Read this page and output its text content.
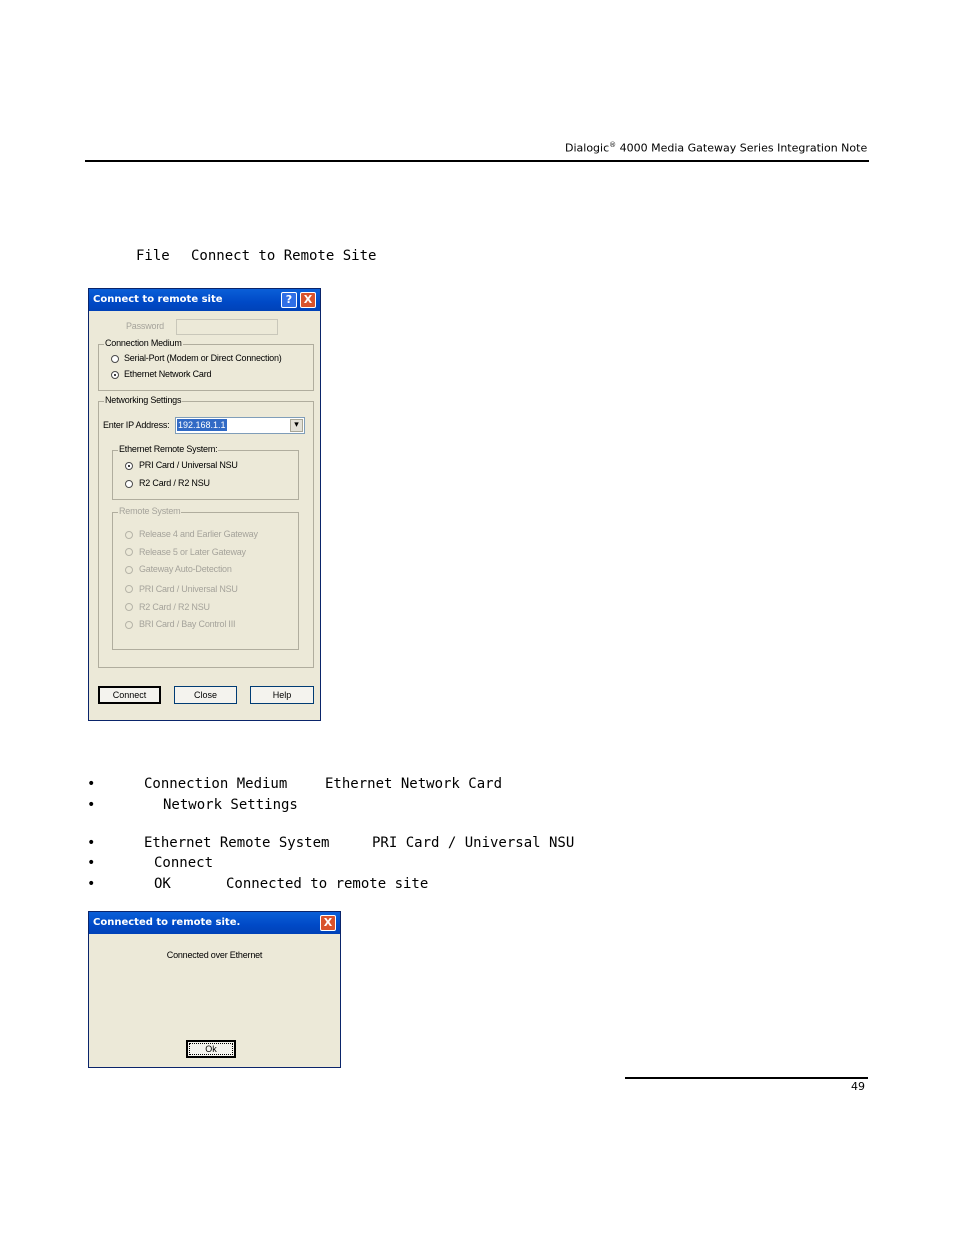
Dialogic® 4000 Media Gateway Series Integration Note
File Connect to Remote Site
Connect to remote site	?	X
Password
Connection Medium
Serial-Port (Modem or Direct Connection)
Ethernet Network Card
Networking Settings
Enter IP Address: 192.168.1.1	▾
Ethernet Remote System:
PRI Card / Universal NSU
R2 Card / R2 NSU
Remote System
Release 4 and Earlier Gateway
Release 5 or Later Gateway
Gateway Auto-Detection
PRI Card / Universal NSU
R2 Card / R2 NSU
BRI Card / Bay Control III
Connect	Close	Help
•	Connection Medium	Ethernet Network Card
•	Network Settings
•	Ethernet Remote System	PRI Card / Universal NSU
•	Connect
•	OK	Connected to remote site
Connected to remote site.	X
Connected over Ethernet
Ok
49
